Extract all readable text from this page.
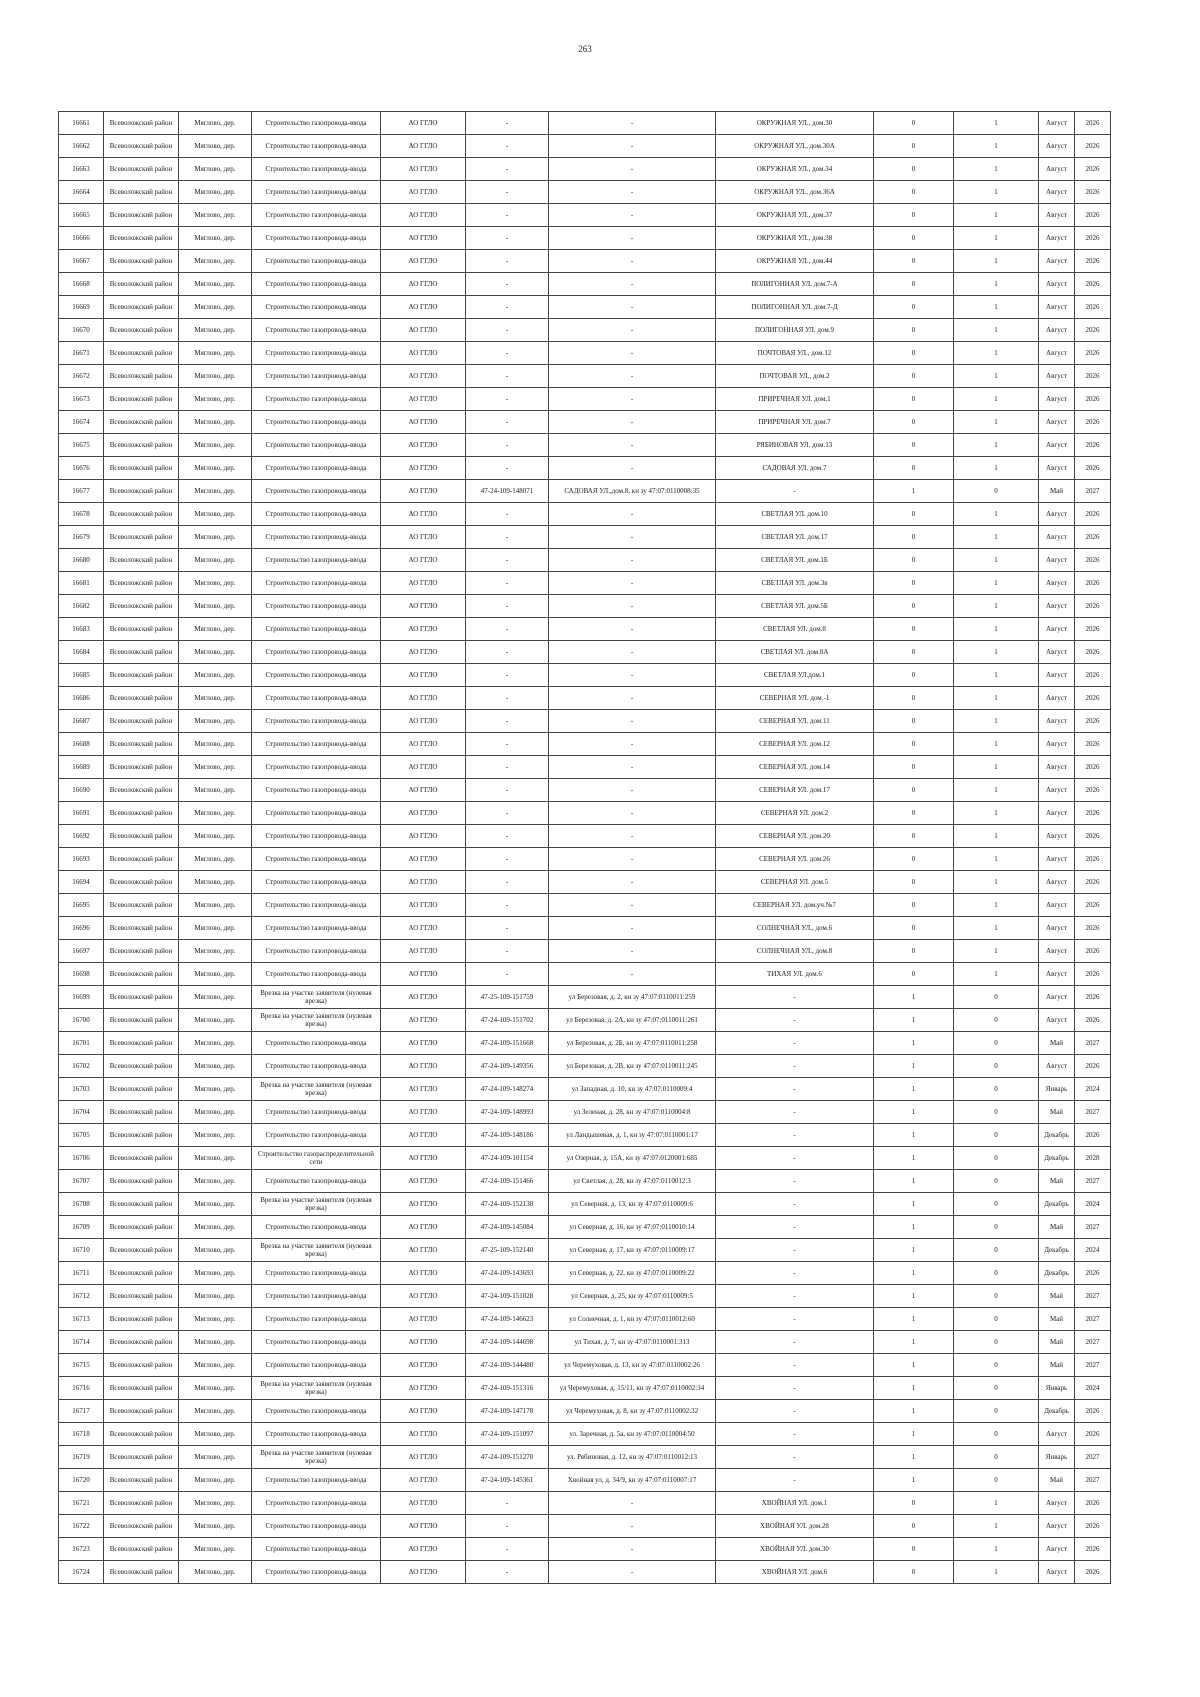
263
16661	Всеволожский район	Мяглово, дер.	Строительство газопровода-ввода	АО ГГЛО	-	-	ОКРУЖНАЯ УЛ., дом.30	0	1	Август	2026
16662	Всеволожский район	Мяглово, дер.	Строительство газопровода-ввода	АО ГГЛО	-	-	ОКРУЖНАЯ УЛ., дом.30А	0	1	Август	2026
16663	Всеволожский район	Мяглово, дер.	Строительство газопровода-ввода	АО ГГЛО	-	-	ОКРУЖНАЯ УЛ., дом.34	0	1	Август	2026
16664	Всеволожский район	Мяглово, дер.	Строительство газопровода-ввода	АО ГГЛО	-	-	ОКРУЖНАЯ УЛ., дом.36А	0	1	Август	2026
16665	Всеволожский район	Мяглово, дер.	Строительство газопровода-ввода	АО ГГЛО	-	-	ОКРУЖНАЯ УЛ., дом.37	0	1	Август	2026
16666	Всеволожский район	Мяглово, дер.	Строительство газопровода-ввода	АО ГГЛО	-	-	ОКРУЖНАЯ УЛ., дом.38	0	1	Август	2026
16667	Всеволожский район	Мяглово, дер.	Строительство газопровода-ввода	АО ГГЛО	-	-	ОКРУЖНАЯ УЛ., дом.44	0	1	Август	2026
16668	Всеволожский район	Мяглово, дер.	Строительство газопровода-ввода	АО ГГЛО	-	-	ПОЛИГОННАЯ УЛ. дом.7-А	0	1	Август	2026
16669	Всеволожский район	Мяглово, дер.	Строительство газопровода-ввода	АО ГГЛО	-	-	ПОЛИГОННАЯ УЛ. дом.7-Д	0	1	Август	2026
16670	Всеволожский район	Мяглово, дер.	Строительство газопровода-ввода	АО ГГЛО	-	-	ПОЛИГОННАЯ УЛ. дом.9	0	1	Август	2026
16671	Всеволожский район	Мяглово, дер.	Строительство газопровода-ввода	АО ГГЛО	-	-	ПОЧТОВАЯ УЛ., дом.12	0	1	Август	2026
16672	Всеволожский район	Мяглово, дер.	Строительство газопровода-ввода	АО ГГЛО	-	-	ПОЧТОВАЯ УЛ., дом.2	0	1	Август	2026
16673	Всеволожский район	Мяглово, дер.	Строительство газопровода-ввода	АО ГГЛО	-	-	ПРИРЕЧНАЯ УЛ. дом.1	0	1	Август	2026
16674	Всеволожский район	Мяглово, дер.	Строительство газопровода-ввода	АО ГГЛО	-	-	ПРИРЕЧНАЯ УЛ. дом.7	0	1	Август	2026
16675	Всеволожский район	Мяглово, дер.	Строительство газопровода-ввода	АО ГГЛО	-	-	РЯБИНОВАЯ УЛ. дом.13	0	1	Август	2026
16676	Всеволожский район	Мяглово, дер.	Строительство газопровода-ввода	АО ГГЛО	-	-	САДОВАЯ УЛ. дом.7	0	1	Август	2026
16677	Всеволожский район	Мяглово, дер.	Строительство газопровода-ввода	АО ГГЛО	47-24-109-148071	САДОВАЯ УЛ.,дом.8, кн зу 47:07:0110008:35	-	1	0	Май	2027
16678	Всеволожский район	Мяглово, дер.	Строительство газопровода-ввода	АО ГГЛО	-	-	СВЕТЛАЯ УЛ. дом.10	0	1	Август	2026
16679	Всеволожский район	Мяглово, дер.	Строительство газопровода-ввода	АО ГГЛО	-	-	СВЕТЛАЯ УЛ. дом.17	0	1	Август	2026
16680	Всеволожский район	Мяглово, дер.	Строительство газопровода-ввода	АО ГГЛО	-	-	СВЕТЛАЯ УЛ. дом.1Б	0	1	Август	2026
16681	Всеволожский район	Мяглово, дер.	Строительство газопровода-ввода	АО ГГЛО	-	-	СВЕТЛАЯ УЛ. дом.3в	0	1	Август	2026
16682	Всеволожский район	Мяглово, дер.	Строительство газопровода-ввода	АО ГГЛО	-	-	СВЕТЛАЯ УЛ. дом.5Б	0	1	Август	2026
16683	Всеволожский район	Мяглово, дер.	Строительство газопровода-ввода	АО ГГЛО	-	-	СВЕТЛАЯ УЛ. дом.8	0	1	Август	2026
16684	Всеволожский район	Мяглово, дер.	Строительство газопровода-ввода	АО ГГЛО	-	-	СВЕТЛАЯ УЛ. дом.8А	0	1	Август	2026
16685	Всеволожский район	Мяглово, дер.	Строительство газопровода-ввода	АО ГГЛО	-	-	СВЕТЛАЯ УЛ.дом.1	0	1	Август	2026
16686	Всеволожский район	Мяглово, дер.	Строительство газопровода-ввода	АО ГГЛО	-	-	СЕВЕРНАЯ УЛ. дом.-1	0	1	Август	2026
16687	Всеволожский район	Мяглово, дер.	Строительство газопровода-ввода	АО ГГЛО	-	-	СЕВЕРНАЯ УЛ. дом.11	0	1	Август	2026
16688	Всеволожский район	Мяглово, дер.	Строительство газопровода-ввода	АО ГГЛО	-	-	СЕВЕРНАЯ УЛ. дом.12	0	1	Август	2026
16689	Всеволожский район	Мяглово, дер.	Строительство газопровода-ввода	АО ГГЛО	-	-	СЕВЕРНАЯ УЛ. дом.14	0	1	Август	2026
16690	Всеволожский район	Мяглово, дер.	Строительство газопровода-ввода	АО ГГЛО	-	-	СЕВЕРНАЯ УЛ. дом.17	0	1	Август	2026
16691	Всеволожский район	Мяглово, дер.	Строительство газопровода-ввода	АО ГГЛО	-	-	СЕВЕРНАЯ УЛ. дом.2	0	1	Август	2026
16692	Всеволожский район	Мяглово, дер.	Строительство газопровода-ввода	АО ГГЛО	-	-	СЕВЕРНАЯ УЛ. дом.20	0	1	Август	2026
16693	Всеволожский район	Мяглово, дер.	Строительство газопровода-ввода	АО ГГЛО	-	-	СЕВЕРНАЯ УЛ. дом.26	0	1	Август	2026
16694	Всеволожский район	Мяглово, дер.	Строительство газопровода-ввода	АО ГГЛО	-	-	СЕВЕРНАЯ УЛ. дом.5	0	1	Август	2026
16695	Всеволожский район	Мяглово, дер.	Строительство газопровода-ввода	АО ГГЛО	-	-	СЕВЕРНАЯ УЛ. дом.уч.№7	0	1	Август	2026
16696	Всеволожский район	Мяглово, дер.	Строительство газопровода-ввода	АО ГГЛО	-	-	СОЛНЕЧНАЯ УЛ., дом.6	0	1	Август	2026
16697	Всеволожский район	Мяглово, дер.	Строительство газопровода-ввода	АО ГГЛО	-	-	СОЛНЕЧНАЯ УЛ., дом.8	0	1	Август	2026
16698	Всеволожский район	Мяглово, дер.	Строительство газопровода-ввода	АО ГГЛО	-	-	ТИХАЯ УЛ. дом.6	0	1	Август	2026
16699	Всеволожский район	Мяглово, дер.	Врезка на участке заявителя (нулевая врезка)	АО ГГЛО	47-25-109-151759	ул Березовая, д. 2, кн зу 47:07:0110011:259	-	1	0	Август	2026
16700	Всеволожский район	Мяглово, дер.	Врезка на участке заявителя (нулевая врезка)	АО ГГЛО	47-24-109-151702	ул Березовая, д. 2А, кн зу 47:07:0110011:261	-	1	0	Август	2026
16701	Всеволожский район	Мяглово, дер.	Строительство газопровода-ввода	АО ГГЛО	47-24-109-151668	ул Березовая, д. 2Б, кн зу 47:07:0110011:258	-	1	0	Май	2027
16702	Всеволожский район	Мяглово, дер.	Строительство газопровода-ввода	АО ГГЛО	47-24-109-149356	ул Березовая, д. 2В, кн зу 47:07:0110011:245	-	1	0	Август	2026
16703	Всеволожский район	Мяглово, дер.	Врезка на участке заявителя (нулевая врезка)	АО ГГЛО	47-24-109-148274	ул Западная, д. 10, кн зу 47:07:0110009:4	-	1	0	Январь	2024
16704	Всеволожский район	Мяглово, дер.	Строительство газопровода-ввода	АО ГГЛО	47-24-109-148993	ул Зеленая, д. 28, кн зу 47:07:0110004:8	-	1	0	Май	2027
16705	Всеволожский район	Мяглово, дер.	Строительство газопровода-ввода	АО ГГЛО	47-24-109-148186	ул Ландышевая, д. 1, кн зу 47:07:0110001:17	-	1	0	Декабрь	2026
16706	Всеволожский район	Мяглово, дер.	Строительство газораспределительной сети	АО ГГЛО	47-24-109-101154	ул Озерная, д. 15А, кн зу 47:07:0120001:685	-	1	0	Декабрь	2028
16707	Всеволожский район	Мяглово, дер.	Строительство газопровода-ввода	АО ГГЛО	47-24-109-151466	ул Светлая, д. 28, кн зу 47:07:0110012:3	-	1	0	Май	2027
16708	Всеволожский район	Мяглово, дер.	Врезка на участке заявителя (нулевая врезка)	АО ГГЛО	47-24-109-152138	ул Северная, д. 13, кн зу 47:07:0110009:6	-	1	0	Декабрь	2024
16709	Всеволожский район	Мяглово, дер.	Строительство газопровода-ввода	АО ГГЛО	47-24-109-145084	ул Северная, д. 16, кн зу 47:07:0110010:14	-	1	0	Май	2027
16710	Всеволожский район	Мяглово, дер.	Врезка на участке заявителя (нулевая врезка)	АО ГГЛО	47-25-109-152140	ул Северная, д. 17, кн зу 47:07:0110009:17	-	1	0	Декабрь	2024
16711	Всеволожский район	Мяглово, дер.	Строительство газопровода-ввода	АО ГГЛО	47-24-109-143693	ул Северная, д. 22, кн зу 47:07:0110009:22	-	1	0	Декабрь	2026
16712	Всеволожский район	Мяглово, дер.	Строительство газопровода-ввода	АО ГГЛО	47-24-109-151028	ул Северная, д. 25, кн зу 47:07:0110009:5	-	1	0	Май	2027
16713	Всеволожский район	Мяглово, дер.	Строительство газопровода-ввода	АО ГГЛО	47-24-109-146623	ул Солнечная, д. 1, кн зу 47:07:0110012:60	-	1	0	Май	2027
16714	Всеволожский район	Мяглово, дер.	Строительство газопровода-ввода	АО ГГЛО	47-24-109-144698	ул Тихая, д. 7, кн зу 47:07:0110001:313	-	1	0	Май	2027
16715	Всеволожский район	Мяглово, дер.	Строительство газопровода-ввода	АО ГГЛО	47-24-109-144480	ул Черемуховая, д. 13, кн зу 47:07:0110002:26	-	1	0	Май	2027
16716	Всеволожский район	Мяглово, дер.	Врезка на участке заявителя (нулевая врезка)	АО ГГЛО	47-24-109-151316	ул Черемуховая, д. 15/11, кн зу 47:07:0110002:34	-	1	0	Январь	2024
16717	Всеволожский район	Мяглово, дер.	Строительство газопровода-ввода	АО ГГЛО	47-24-109-147178	ул Черемуховая, д. 8, кн зу 47:07:0110002:32	-	1	0	Декабрь	2026
16718	Всеволожский район	Мяглово, дер.	Строительство газопровода-ввода	АО ГГЛО	47-24-109-151097	ул. Заречная, д. 5а, кн зу 47:07:0110004:50	-	1	0	Август	2026
16719	Всеволожский район	Мяглово, дер.	Врезка на участке заявителя (нулевая врезка)	АО ГГЛО	47-24-109-151270	ул. Рябиновая, д. 12, кн зу 47:07:0110012:13	-	1	0	Январь	2027
16720	Всеволожский район	Мяглово, дер.	Строительство газопровода-ввода	АО ГГЛО	47-24-109-145361	Хвойная ул, д. 34/9, кн зу 47:07:0110007:17	-	1	0	Май	2027
16721	Всеволожский район	Мяглово, дер.	Строительство газопровода-ввода	АО ГГЛО	-	-	ХВОЙНАЯ УЛ. дом.1	0	1	Август	2026
16722	Всеволожский район	Мяглово, дер.	Строительство газопровода-ввода	АО ГГЛО	-	-	ХВОЙНАЯ УЛ. дом.28	0	1	Август	2026
16723	Всеволожский район	Мяглово, дер.	Строительство газопровода-ввода	АО ГГЛО	-	-	ХВОЙНАЯ УЛ. дом.30	0	1	Август	2026
16724	Всеволожский район	Мяглово, дер.	Строительство газопровода-ввода	АО ГГЛО	-	-	ХВОЙНАЯ УЛ. дом.6	0	1	Август	2026
